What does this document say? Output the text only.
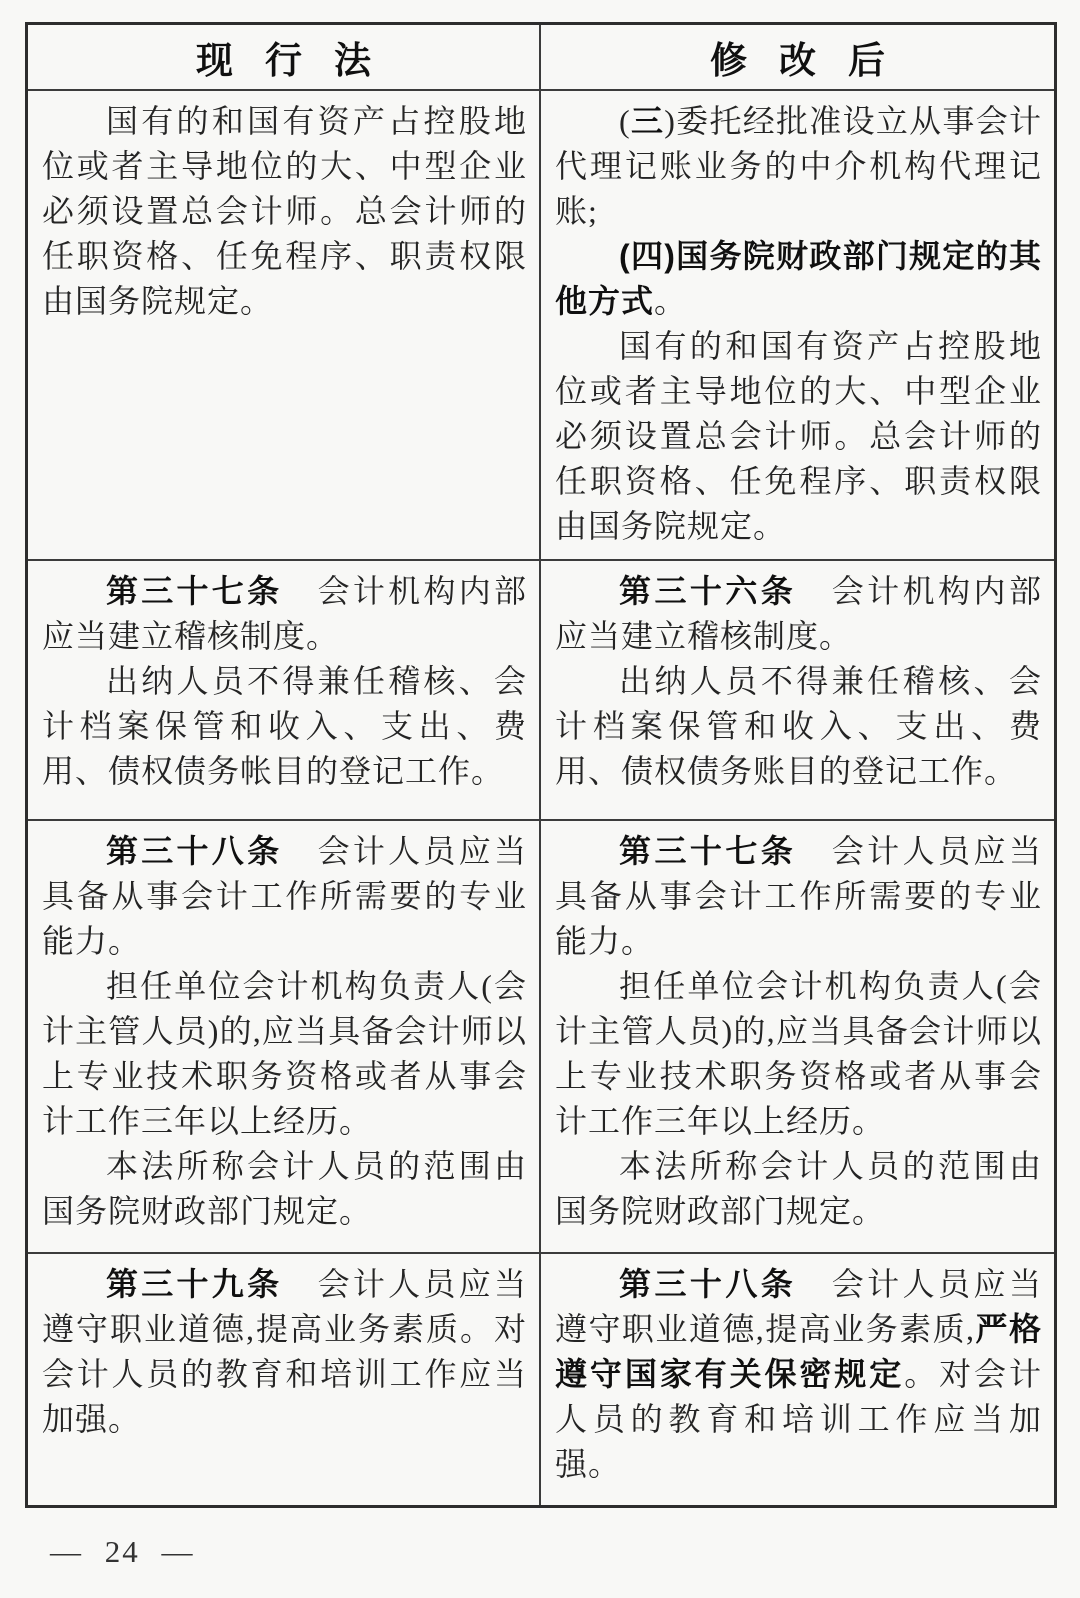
现行法	修改后

国有的和国有资产占控股地位或者主导地位的大、中型企业必须设置总会计师。总会计师的任职资格、任免程序、职责权限由国务院规定。

(三)委托经批准设立从事会计代理记账业务的中介机构代理记账;

(四)国务院财政部门规定的其他方式。

国有的和国有资产占控股地位或者主导地位的大、中型企业必须设置总会计师。总会计师的任职资格、任免程序、职责权限由国务院规定。

第三十七条　会计机构内部应当建立稽核制度。

出纳人员不得兼任稽核、会计档案保管和收入、支出、费用、债权债务帐目的登记工作。

第三十六条　会计机构内部应当建立稽核制度。

出纳人员不得兼任稽核、会计档案保管和收入、支出、费用、债权债务账目的登记工作。

第三十八条　会计人员应当具备从事会计工作所需要的专业能力。

担任单位会计机构负责人(会计主管人员)的,应当具备会计师以上专业技术职务资格或者从事会计工作三年以上经历。

本法所称会计人员的范围由国务院财政部门规定。

第三十七条　会计人员应当具备从事会计工作所需要的专业能力。

担任单位会计机构负责人(会计主管人员)的,应当具备会计师以上专业技术职务资格或者从事会计工作三年以上经历。

本法所称会计人员的范围由国务院财政部门规定。

第三十九条　会计人员应当遵守职业道德,提高业务素质。对会计人员的教育和培训工作应当加强。

第三十八条　会计人员应当遵守职业道德,提高业务素质,严格遵守国家有关保密规定。对会计人员的教育和培训工作应当加强。

— 24 —
